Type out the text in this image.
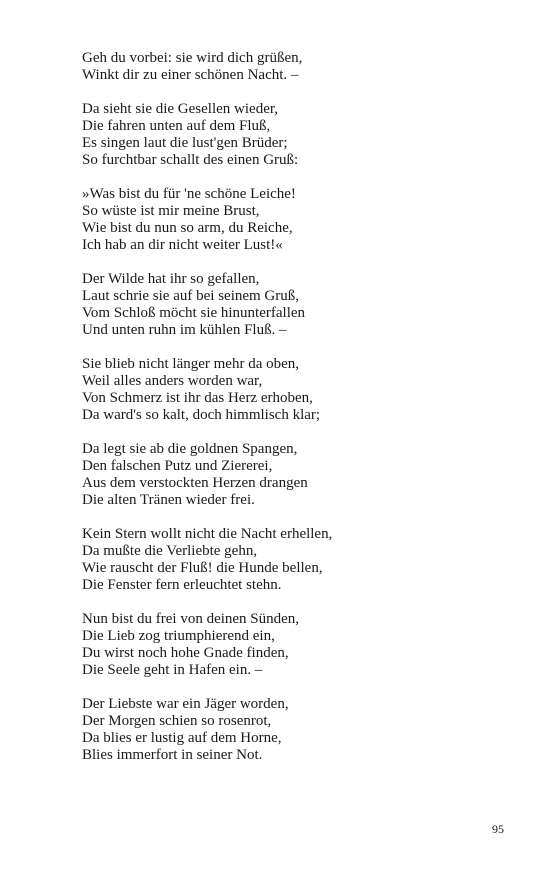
Geh du vorbei: sie wird dich grüßen,
Winkt dir zu einer schönen Nacht. –
Da sieht sie die Gesellen wieder,
Die fahren unten auf dem Fluß,
Es singen laut die lust'gen Brüder;
So furchtbar schallt des einen Gruß:
»Was bist du für 'ne schöne Leiche!
So wüste ist mir meine Brust,
Wie bist du nun so arm, du Reiche,
Ich hab an dir nicht weiter Lust!«
Der Wilde hat ihr so gefallen,
Laut schrie sie auf bei seinem Gruß,
Vom Schloß möcht sie hinunterfallen
Und unten ruhn im kühlen Fluß. –
Sie blieb nicht länger mehr da oben,
Weil alles anders worden war,
Von Schmerz ist ihr das Herz erhoben,
Da ward's so kalt, doch himmlisch klar;
Da legt sie ab die goldnen Spangen,
Den falschen Putz und Ziererei,
Aus dem verstockten Herzen drangen
Die alten Tränen wieder frei.
Kein Stern wollt nicht die Nacht erhellen,
Da mußte die Verliebte gehn,
Wie rauscht der Fluß! die Hunde bellen,
Die Fenster fern erleuchtet stehn.
Nun bist du frei von deinen Sünden,
Die Lieb zog triumphierend ein,
Du wirst noch hohe Gnade finden,
Die Seele geht in Hafen ein. –
Der Liebste war ein Jäger worden,
Der Morgen schien so rosenrot,
Da blies er lustig auf dem Horne,
Blies immerfort in seiner Not.
95
